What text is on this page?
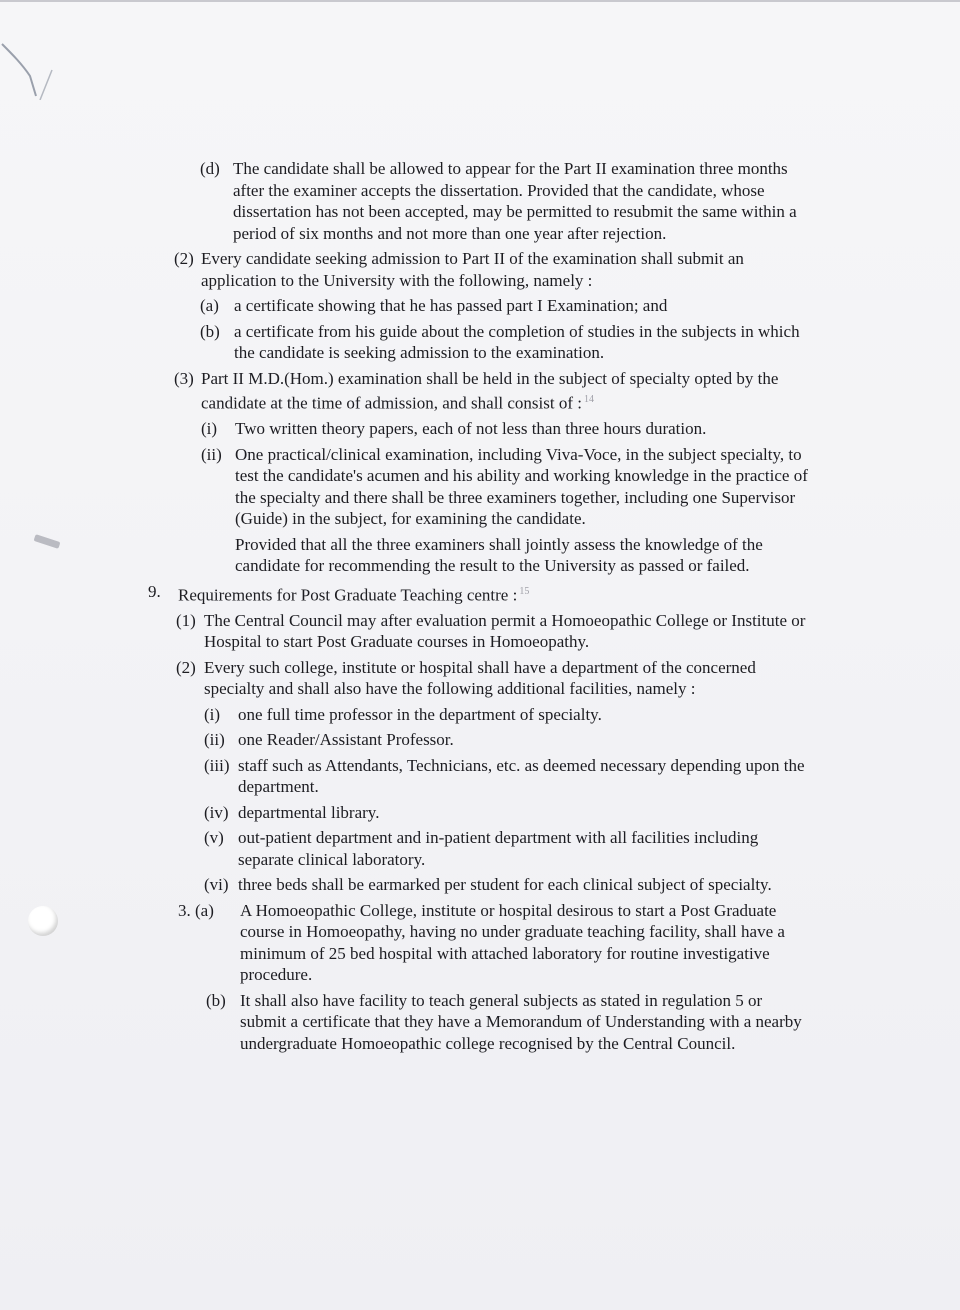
(d) The candidate shall be allowed to appear for the Part II examination three months after the examiner accepts the dissertation. Provided that the candidate, whose dissertation has not been accepted, may be permitted to resubmit the same within a period of six months and not more than one year after rejection.
(2) Every candidate seeking admission to Part II of the examination shall submit an application to the University with the following, namely :
(a) a certificate showing that he has passed part I Examination; and
(b) a certificate from his guide about the completion of studies in the subjects in which the candidate is seeking admission to the examination.
(3) Part II M.D.(Hom.) examination shall be held in the subject of specialty opted by the candidate at the time of admission, and shall consist of : $^{14}$
(i) Two written theory papers, each of not less than three hours duration.
(ii) One practical/clinical examination, including Viva-Voce, in the subject specialty, to test the candidate's acumen and his ability and working knowledge in the practice of the specialty and there shall be three examiners together, including one Supervisor (Guide) in the subject, for examining the candidate.
Provided that all the three examiners shall jointly assess the knowledge of the candidate for recommending the result to the University as passed or failed.
9. Requirements for Post Graduate Teaching centre : $^{15}$
(1) The Central Council may after evaluation permit a Homoeopathic College or Institute or Hospital to start Post Graduate courses in Homoeopathy.
(2) Every such college, institute or hospital shall have a department of the concerned specialty and shall also have the following additional facilities, namely :
(i) one full time professor in the department of specialty.
(ii) one Reader/Assistant Professor.
(iii) staff such as Attendants, Technicians, etc. as deemed necessary depending upon the department.
(iv) departmental library.
(v) out-patient department and in-patient department with all facilities including separate clinical laboratory.
(vi) three beds shall be earmarked per student for each clinical subject of specialty.
3. (a) A Homoeopathic College, institute or hospital desirous to start a Post Graduate course in Homoeopathy, having no under graduate teaching facility, shall have a minimum of 25 bed hospital with attached laboratory for routine investigative procedure.
(b) It shall also have facility to teach general subjects as stated in regulation 5 or submit a certificate that they have a Memorandum of Understanding with a nearby undergraduate Homoeopathic college recognised by the Central Council.
